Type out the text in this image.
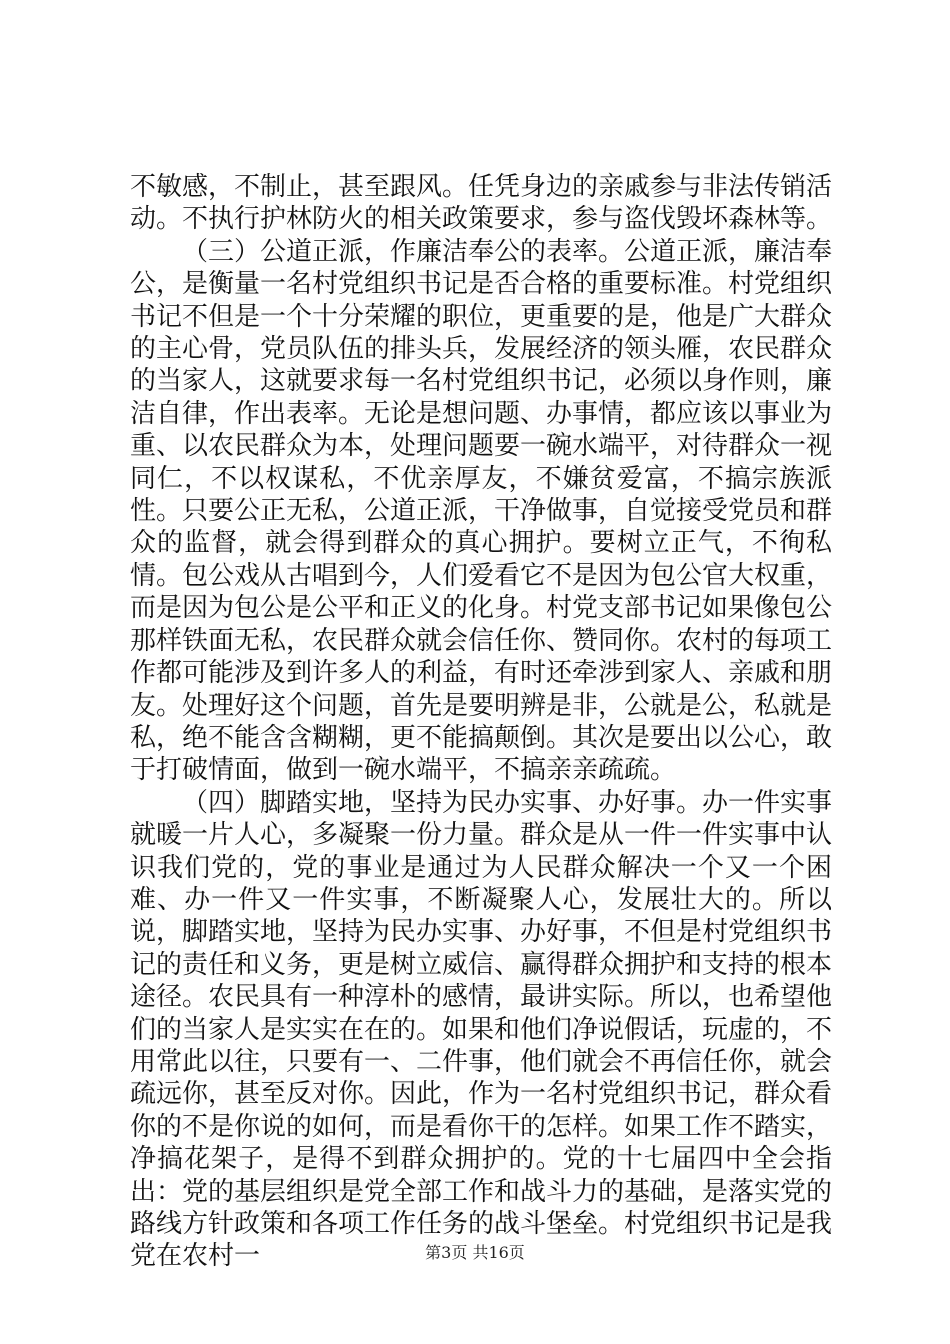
不敏感，不制止，甚至跟风。任凭身边的亲戚参与非法传销活动。不执行护林防火的相关政策要求，参与盗伐毁坏森林等。

（三）公道正派，作廉洁奉公的表率。公道正派，廉洁奉公，是衡量一名村党组织书记是否合格的重要标准。村党组织书记不但是一个十分荣耀的职位，更重要的是，他是广大群众的主心骨，党员队伍的排头兵，发展经济的领头雁，农民群众的当家人，这就要求每一名村党组织书记，必须以身作则，廉洁自律，作出表率。无论是想问题、办事情，都应该以事业为重、以农民群众为本，处理问题要一碗水端平，对待群众一视同仁，不以权谋私，不优亲厚友，不嫌贫爱富，不搞宗族派性。只要公正无私，公道正派，干净做事，自觉接受党员和群众的监督，就会得到群众的真心拥护。要树立正气，不徇私情。包公戏从古唱到今，人们爱看它不是因为包公官大权重，而是因为包公是公平和正义的化身。村党支部书记如果像包公那样铁面无私，农民群众就会信任你、赞同你。农村的每项工作都可能涉及到许多人的利益，有时还牵涉到家人、亲戚和朋友。处理好这个问题，首先是要明辨是非，公就是公，私就是私，绝不能含含糊糊，更不能搞颠倒。其次是要出以公心，敢于打破情面，做到一碗水端平，不搞亲亲疏疏。

（四）脚踏实地，坚持为民办实事、办好事。办一件实事就暖一片人心，多凝聚一份力量。群众是从一件一件实事中认识我们党的，党的事业是通过为人民群众解决一个又一个困难、办一件又一件实事，不断凝聚人心，发展壮大的。所以说，脚踏实地，坚持为民办实事、办好事，不但是村党组织书记的责任和义务，更是树立威信、赢得群众拥护和支持的根本途径。农民具有一种淳朴的感情，最讲实际。所以，也希望他们的当家人是实实在在的。如果和他们净说假话，玩虚的，不用常此以往，只要有一、二件事，他们就会不再信任你，就会疏远你，甚至反对你。因此，作为一名村党组织书记，群众看你的不是你说的如何，而是看你干的怎样。如果工作不踏实，净搞花架子，是得不到群众拥护的。党的十七届四中全会指出：党的基层组织是党全部工作和战斗力的基础，是落实党的路线方针政策和各项工作任务的战斗堡垒。村党组织书记是我党在农村一	第3页 共16页
